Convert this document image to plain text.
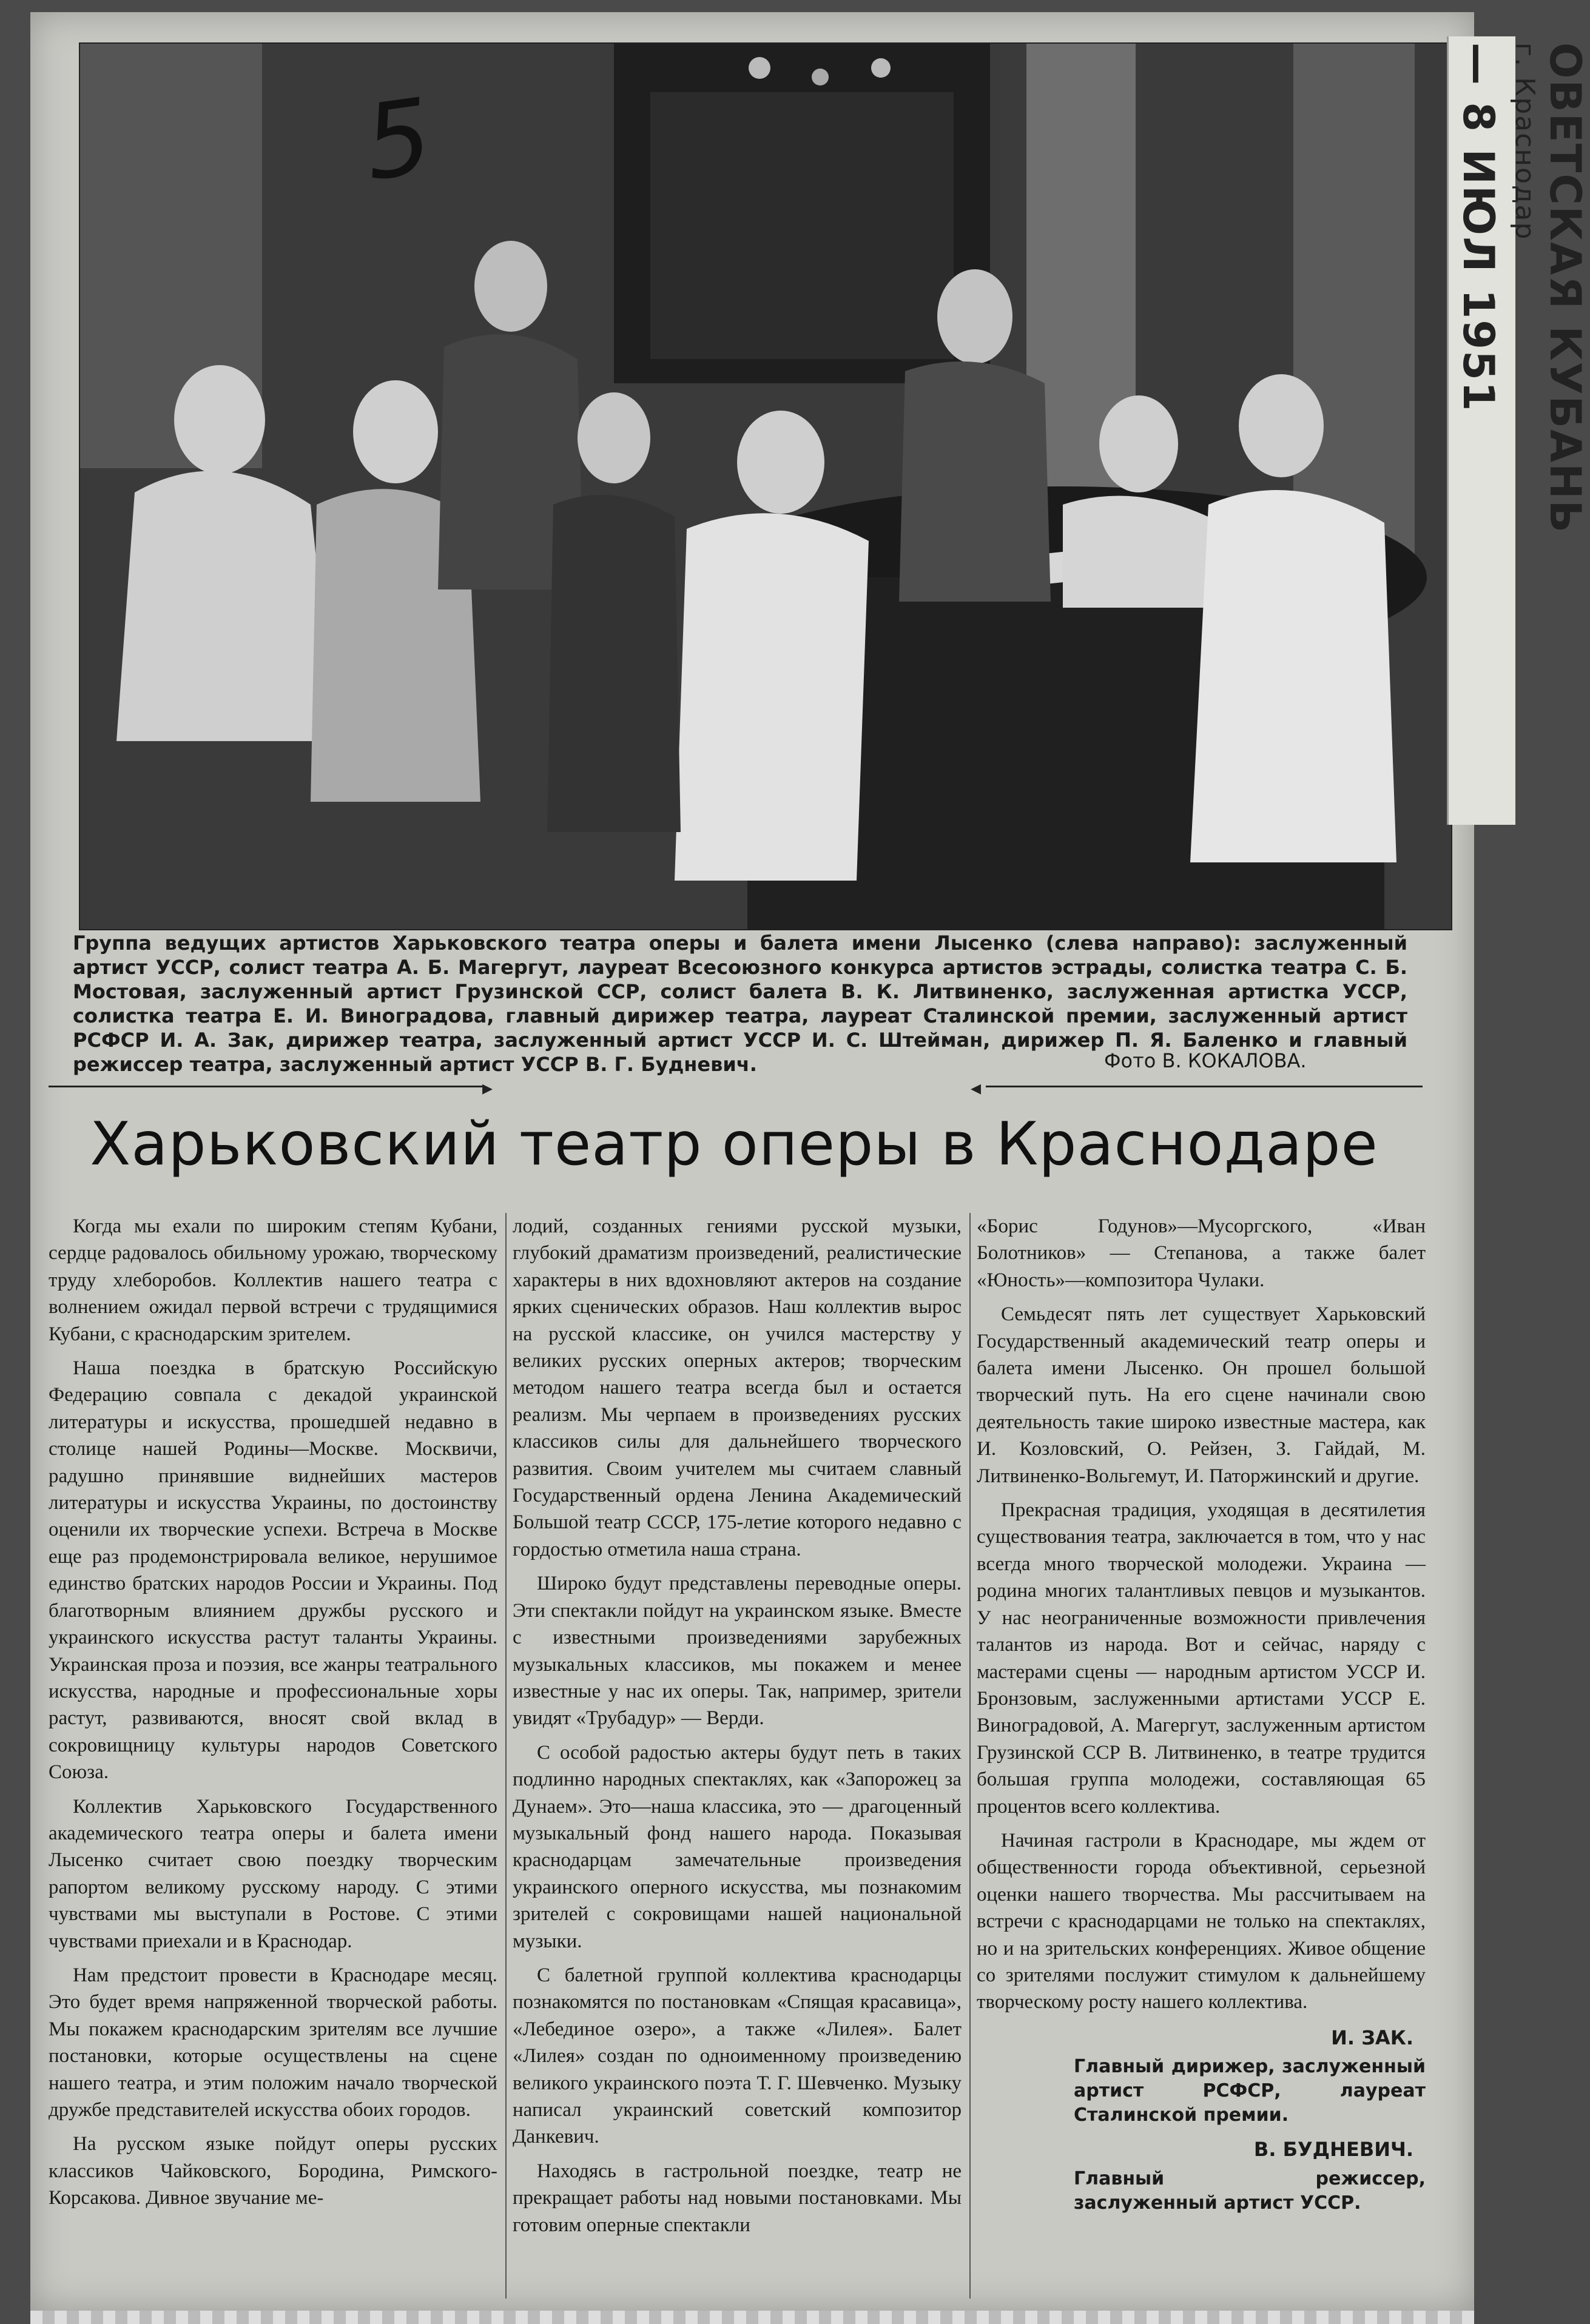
5	ОВЕТСКАЯ КУБАНЬ
г. Краснодар
— 8 ИЮЛ 1951
Группа ведущих артистов Харьковского театра оперы и балета имени Лысенко (слева направо): заслуженный артист УССР, солист театра А. Б. Магергут, лауреат Всесоюзного конкурса артистов эстрады, солистка театра С. Б. Мостовая, заслуженный артист Грузинской ССР, солист балета В. К. Литвиненко, заслуженная артистка УССР, солистка театра Е. И. Виноградова, главный дирижер театра, лауреат Сталинской премии, заслуженный артист РСФСР И. А. Зак, дирижер театра, заслуженный артист УССР И. С. Штейман, дирижер П. Я. Баленко и главный режиссер театра, заслуженный артист УССР В. Г. Будневич.	Фото В. КОКАЛОВА.
▸	◂
Харьковский театр оперы в Краснодаре

Когда мы ехали по широким степям Кубани, сердце радовалось обильному урожаю, творческому труду хлеборобов. Коллектив нашего театра с волнением ожидал первой встречи с трудящимися Кубани, с краснодарским зрителем.

Наша поездка в братскую Российскую Федерацию совпала с декадой украинской литературы и искусства, прошедшей недавно в столице нашей Родины—Москве. Москвичи, радушно принявшие виднейших мастеров литературы и искусства Украины, по достоинству оценили их творческие успехи. Встреча в Москве еще раз продемонстрировала великое, нерушимое единство братских народов России и Украины. Под благотворным влиянием дружбы русского и украинского искусства растут таланты Украины. Украинская проза и поэзия, все жанры театрального искусства, народные и профессиональные хоры растут, развиваются, вносят свой вклад в сокровищницу культуры народов Советского Союза.

Коллектив Харьковского Государственного академического театра оперы и балета имени Лысенко считает свою поездку творческим рапортом великому русскому народу. С этими чувствами мы выступали в Ростове. С этими чувствами приехали и в Краснодар.

Нам предстоит провести в Краснодаре месяц. Это будет время напряженной творческой работы. Мы покажем краснодарским зрителям все лучшие постановки, которые осуществлены на сцене нашего театра, и этим положим начало творческой дружбе представителей искусства обоих городов.

На русском языке пойдут оперы русских классиков Чайковского, Бородина, Римского-Корсакова. Дивное звучание ме-

лодий, созданных гениями русской музыки, глубокий драматизм произведений, реалистические характеры в них вдохновляют актеров на создание ярких сценических образов. Наш коллектив вырос на русской классике, он учился мастерству у великих русских оперных актеров; творческим методом нашего театра всегда был и остается реализм. Мы черпаем в произведениях русских классиков силы для дальнейшего творческого развития. Своим учителем мы считаем славный Государственный ордена Ленина Академический Большой театр СССР, 175-летие которого недавно с гордостью отметила наша страна.

Широко будут представлены переводные оперы. Эти спектакли пойдут на украинском языке. Вместе с известными произведениями зарубежных музыкальных классиков, мы покажем и менее известные у нас их оперы. Так, например, зрители увидят «Трубадур» — Верди.

С особой радостью актеры будут петь в таких подлинно народных спектаклях, как «Запорожец за Дунаем». Это—наша классика, это — драгоценный музыкальный фонд нашего народа. Показывая краснодарцам замечательные произведения украинского оперного искусства, мы познакомим зрителей с сокровищами нашей национальной музыки.

С балетной группой коллектива краснодарцы познакомятся по постановкам «Спящая красавица», «Лебединое озеро», а также «Лилея». Балет «Лилея» создан по одноименному произведению великого украинского поэта Т. Г. Шевченко. Музыку написал украинский советский композитор Данкевич.

Находясь в гастрольной поездке, театр не прекращает работы над новыми постановками. Мы готовим оперные спектакли

«Борис Годунов»—Мусоргского, «Иван Болотников» — Степанова, а также балет «Юность»—композитора Чулаки.

Семьдесят пять лет существует Харьковский Государственный академический театр оперы и балета имени Лысенко. Он прошел большой творческий путь. На его сцене начинали свою деятельность такие широко известные мастера, как И. Козловский, О. Рейзен, З. Гайдай, М. Литвиненко-Вольгемут, И. Паторжинский и другие.

Прекрасная традиция, уходящая в десятилетия существования театра, заключается в том, что у нас всегда много творческой молодежи. Украина — родина многих талантливых певцов и музыкантов. У нас неограниченные возможности привлечения талантов из народа. Вот и сейчас, наряду с мастерами сцены — народным артистом УССР И. Бронзовым, заслуженными артистами УССР Е. Виноградовой, А. Магергут, заслуженным артистом Грузинской ССР В. Литвиненко, в театре трудится большая группа молодежи, составляющая 65 процентов всего коллектива.

Начиная гастроли в Краснодаре, мы ждем от общественности города объективной, серьезной оценки нашего творчества. Мы рассчитываем на встречи с краснодарцами не только на спектаклях, но и на зрительских конференциях. Живое общение со зрителями послужит стимулом к дальнейшему творческому росту нашего коллектива.

И. ЗАК.
Главный дирижер, заслуженный артист РСФСР, лауреат Сталинской премии.
В. БУДНЕВИЧ.
Главный режиссер, заслуженный артист УССР.
